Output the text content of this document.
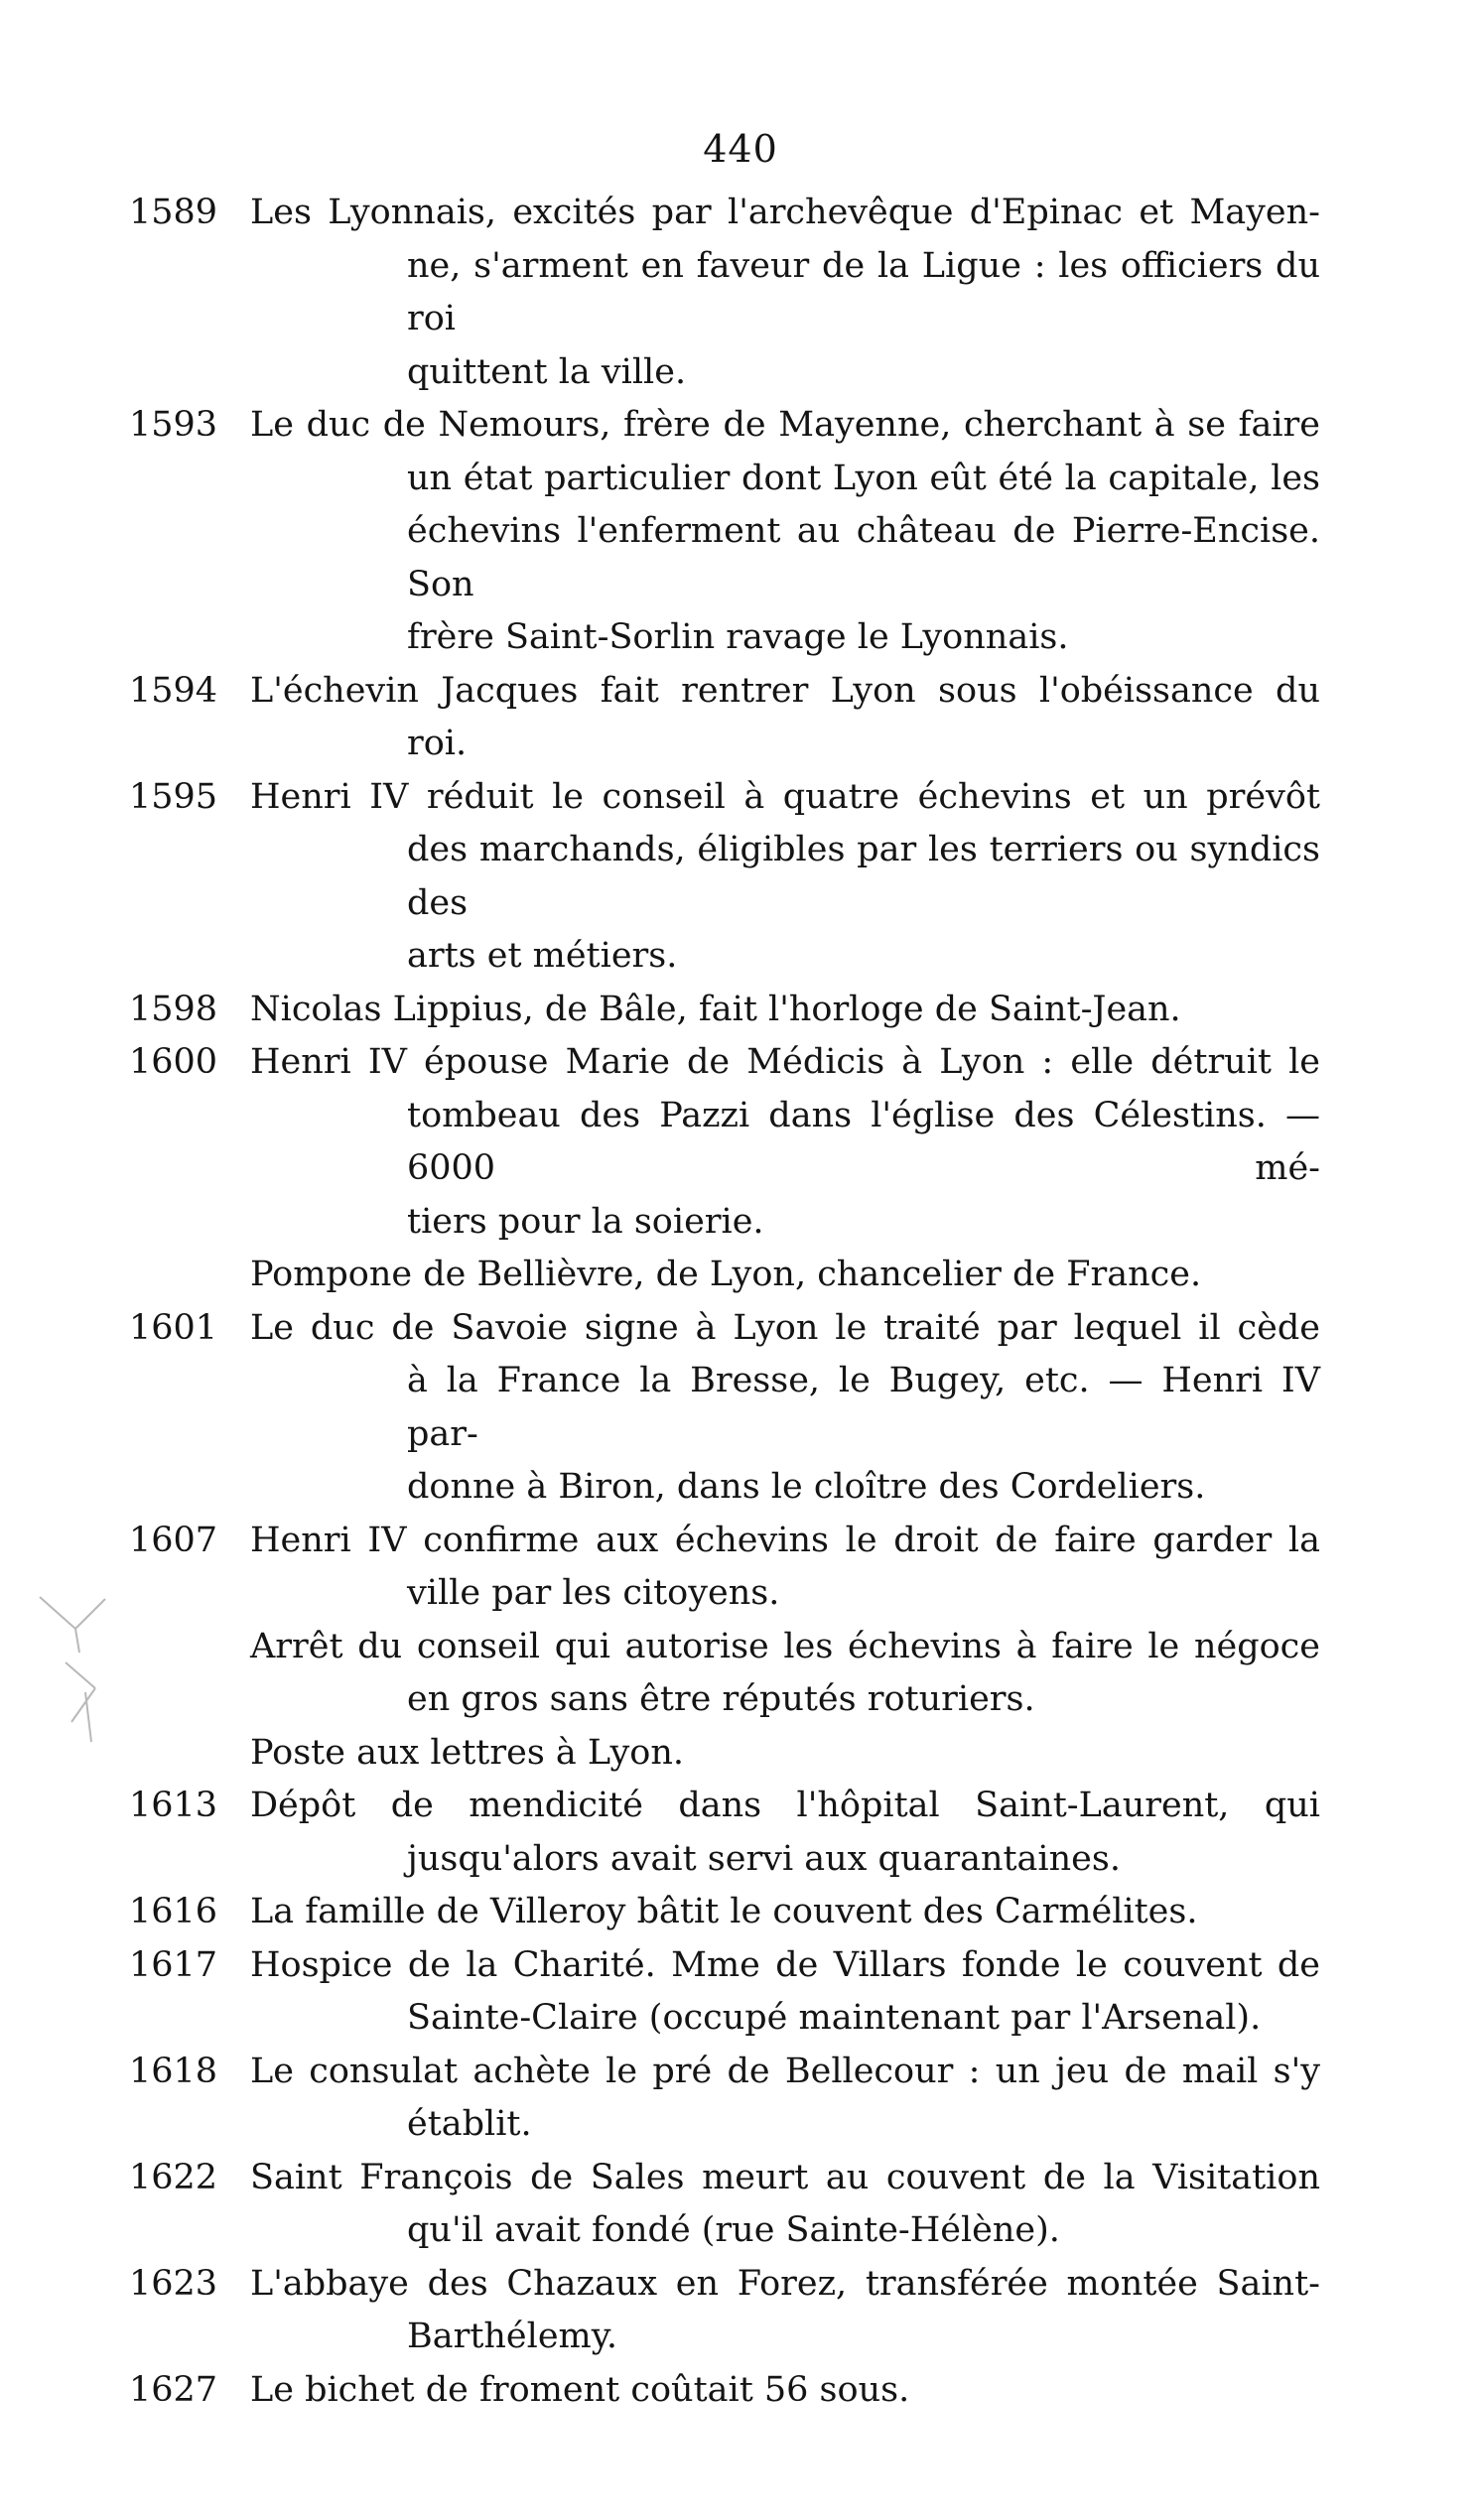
440
1589 Les Lyonnais, excités par l'archevêque d'Epinac et Mayen-
ne, s'arment en faveur de la Ligue : les officiers du roi
quittent la ville.
1593 Le duc de Nemours, frère de Mayenne, cherchant à se faire
un état particulier dont Lyon eût été la capitale, les
échevins l'enferment au château de Pierre-Encise. Son
frère Saint-Sorlin ravage le Lyonnais.
1594 L'échevin Jacques fait rentrer Lyon sous l'obéissance du
roi.
1595 Henri IV réduit le conseil à quatre échevins et un prévôt
des marchands, éligibles par les terriers ou syndics des
arts et métiers.
1598 Nicolas Lippius, de Bâle, fait l'horloge de Saint-Jean.
1600 Henri IV épouse Marie de Médicis à Lyon : elle détruit le
tombeau des Pazzi dans l'église des Célestins. — 6000 mé-
tiers pour la soierie.
Pompone de Bellièvre, de Lyon, chancelier de France.
1601 Le duc de Savoie signe à Lyon le traité par lequel il cède
à la France la Bresse, le Bugey, etc. — Henri IV par-
donne à Biron, dans le cloître des Cordeliers.
1607 Henri IV confirme aux échevins le droit de faire garder la
ville par les citoyens.
Arrêt du conseil qui autorise les échevins à faire le négoce
en gros sans être réputés roturiers.
Poste aux lettres à Lyon.
1613 Dépôt de mendicité dans l'hôpital Saint-Laurent, qui
jusqu'alors avait servi aux quarantaines.
1616 La famille de Villeroy bâtit le couvent des Carmélites.
1617 Hospice de la Charité. Mme de Villars fonde le couvent de
Sainte-Claire (occupé maintenant par l'Arsenal).
1618 Le consulat achète le pré de Bellecour : un jeu de mail s'y
établit.
1622 Saint François de Sales meurt au couvent de la Visitation
qu'il avait fondé (rue Sainte-Hélène).
1623 L'abbaye des Chazaux en Forez, transférée montée Saint-
Barthélemy.
1627 Le bichet de froment coûtait 56 sous.
